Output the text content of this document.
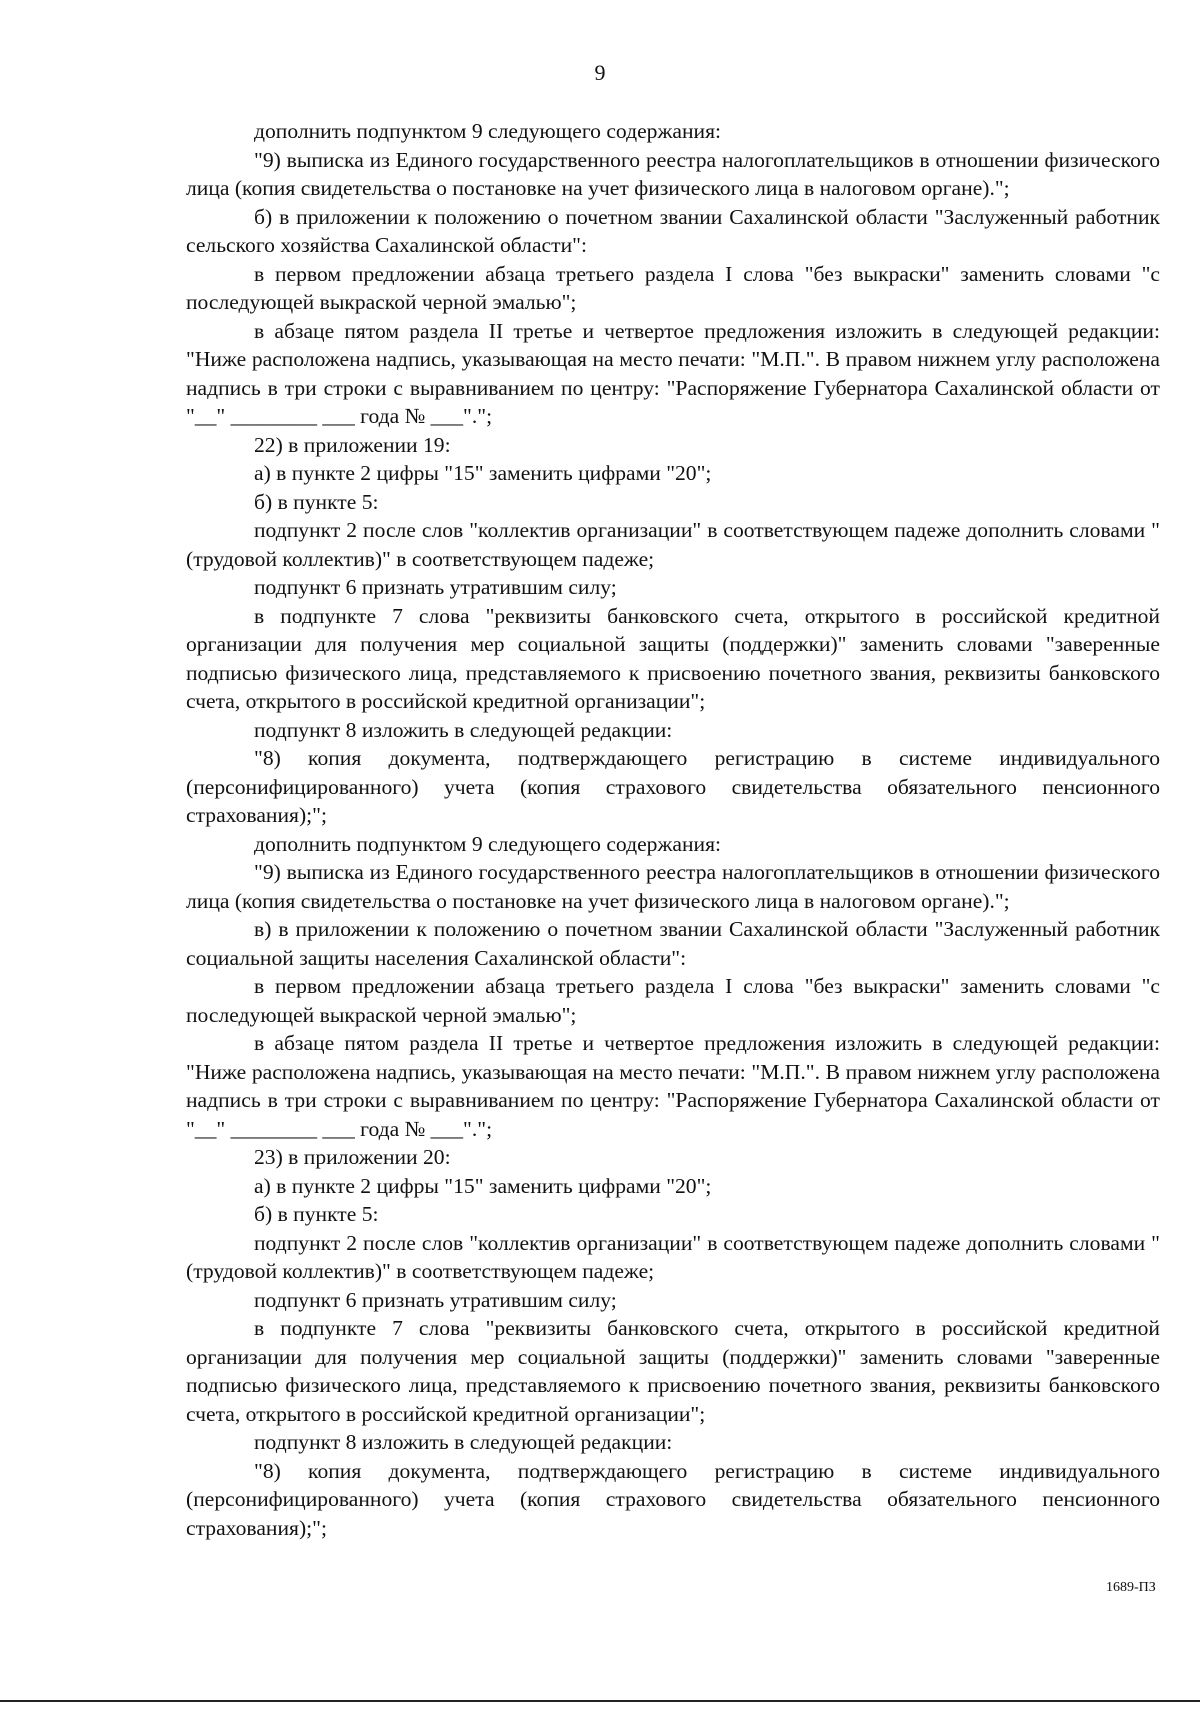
9

дополнить подпунктом 9 следующего содержания:

"9) выписка из Единого государственного реестра налогоплательщиков в отношении физического лица (копия свидетельства о постановке на учет физического лица в налоговом органе).";

б) в приложении к положению о почетном звании Сахалинской области "Заслуженный работник сельского хозяйства Сахалинской области":

в первом предложении абзаца третьего раздела I слова "без выкраски" заменить словами "с последующей выкраской черной эмалью";

в абзаце пятом раздела II третье и четвертое предложения изложить в следующей редакции: "Ниже расположена надпись, указывающая на место печати: "М.П.". В правом нижнем углу расположена надпись в три строки с выравниванием по центру: "Распоряжение Губернатора Сахалинской области от "__" ________ ___ года № ___".";

22) в приложении 19:

а) в пункте 2 цифры "15" заменить цифрами "20";

б) в пункте 5:

подпункт 2 после слов "коллектив организации" в соответствующем падеже дополнить словами "(трудовой коллектив)" в соответствующем падеже;

подпункт 6 признать утратившим силу;

в подпункте 7 слова "реквизиты банковского счета, открытого в российской кредитной организации для получения мер социальной защиты (поддержки)" заменить словами "заверенные подписью физического лица, представляемого к присвоению почетного звания, реквизиты банковского счета, открытого в российской кредитной организации";

подпункт 8 изложить в следующей редакции:

"8) копия документа, подтверждающего регистрацию в системе индивидуального (персонифицированного) учета (копия страхового свидетельства обязательного пенсионного страхования);";

дополнить подпунктом 9 следующего содержания:

"9) выписка из Единого государственного реестра налогоплательщиков в отношении физического лица (копия свидетельства о постановке на учет физического лица в налоговом органе).";

в) в приложении к положению о почетном звании Сахалинской области "Заслуженный работник социальной защиты населения Сахалинской области":

в первом предложении абзаца третьего раздела I слова "без выкраски" заменить словами "с последующей выкраской черной эмалью";

в абзаце пятом раздела II третье и четвертое предложения изложить в следующей редакции: "Ниже расположена надпись, указывающая на место печати: "М.П.". В правом нижнем углу расположена надпись в три строки с выравниванием по центру: "Распоряжение Губернатора Сахалинской области от "__" ________ ___ года № ___".";

23) в приложении 20:

а) в пункте 2 цифры "15" заменить цифрами "20";

б) в пункте 5:

подпункт 2 после слов "коллектив организации" в соответствующем падеже дополнить словами "(трудовой коллектив)" в соответствующем падеже;

подпункт 6 признать утратившим силу;

в подпункте 7 слова "реквизиты банковского счета, открытого в российской кредитной организации для получения мер социальной защиты (поддержки)" заменить словами "заверенные подписью физического лица, представляемого к присвоению почетного звания, реквизиты банковского счета, открытого в российской кредитной организации";

подпункт 8 изложить в следующей редакции:

"8) копия документа, подтверждающего регистрацию в системе индивидуального (персонифицированного) учета (копия страхового свидетельства обязательного пенсионного страхования);";

1689-ПЗ
